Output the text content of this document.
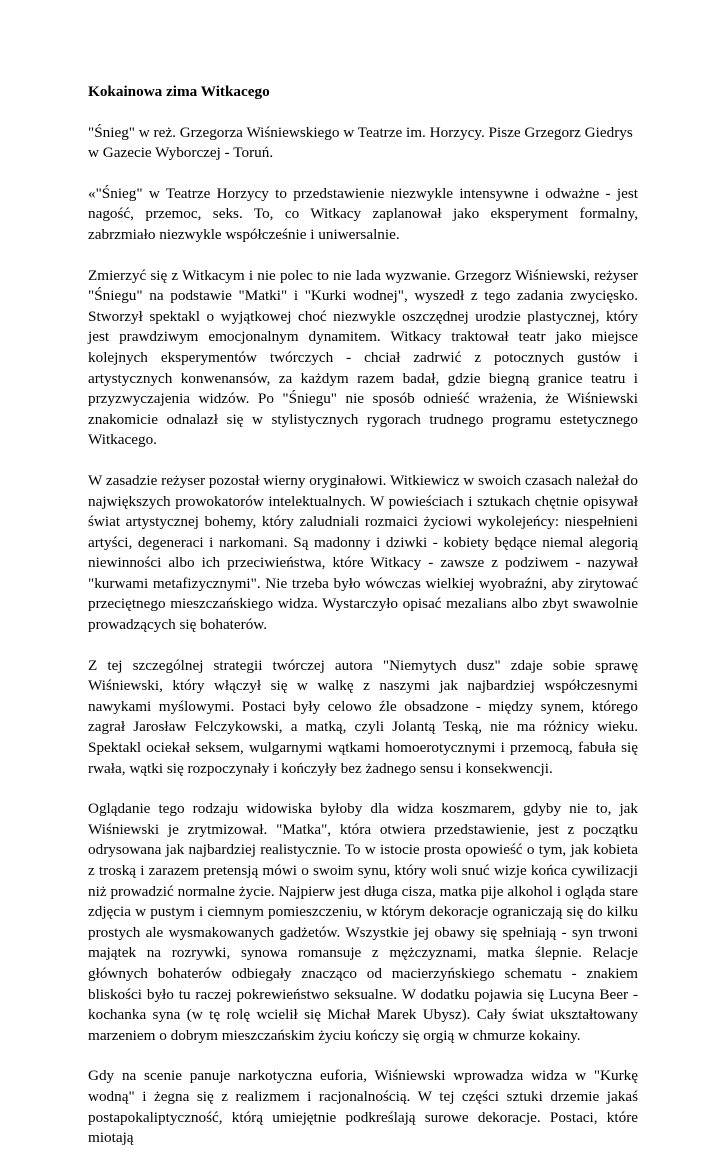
Kokainowa zima Witkacego

"Śnieg" w reż. Grzegorza Wiśniewskiego w Teatrze im. Horzycy. Pisze Grzegorz Giedrys w Gazecie Wyborczej - Toruń.

«"Śnieg" w Teatrze Horzycy to przedstawienie niezwykle intensywne i odważne - jest nagość, przemoc, seks. To, co Witkacy zaplanował jako eksperyment formalny, zabrzmiało niezwykle współcześnie i uniwersalnie.

Zmierzyć się z Witkacym i nie polec to nie lada wyzwanie. Grzegorz Wiśniewski, reżyser "Śniegu" na podstawie "Matki" i "Kurki wodnej", wyszedł z tego zadania zwycięsko. Stworzył spektakl o wyjątkowej choć niezwykle oszczędnej urodzie plastycznej, który jest prawdziwym emocjonalnym dynamitem. Witkacy traktował teatr jako miejsce kolejnych eksperymentów twórczych - chciał zadrwić z potocznych gustów i artystycznych konwenansów, za każdym razem badał, gdzie biegną granice teatru i przyzwyczajenia widzów. Po "Śniegu" nie sposób odnieść wrażenia, że Wiśniewski znakomicie odnalazł się w stylistycznych rygorach trudnego programu estetycznego Witkacego.

W zasadzie reżyser pozostał wierny oryginałowi. Witkiewicz w swoich czasach należał do największych prowokatorów intelektualnych. W powieściach i sztukach chętnie opisywał świat artystycznej bohemy, który zaludniali rozmaici życiowi wykolejeńcy: niespełnieni artyści, degeneraci i narkomani. Są madonny i dziwki - kobiety będące niemal alegorią niewinności albo ich przeciwieństwa, które Witkacy - zawsze z podziwem - nazywał "kurwami metafizycznymi". Nie trzeba było wówczas wielkiej wyobraźni, aby zirytować przeciętnego mieszczańskiego widza. Wystarczyło opisać mezalians albo zbyt swawolnie prowadzących się bohaterów.

Z tej szczególnej strategii twórczej autora "Niemytych dusz" zdaje sobie sprawę Wiśniewski, który włączył się w walkę z naszymi jak najbardziej współczesnymi nawykami myślowymi. Postaci były celowo źle obsadzone - między synem, którego zagrał Jarosław Felczykowski, a matką, czyli Jolantą Teską, nie ma różnicy wieku. Spektakl ociekał seksem, wulgarnymi wątkami homoerotycznymi i przemocą, fabuła się rwała, wątki się rozpoczynały i kończyły bez żadnego sensu i konsekwencji.

Oglądanie tego rodzaju widowiska byłoby dla widza koszmarem, gdyby nie to, jak Wiśniewski je zrytmizował. "Matka", która otwiera przedstawienie, jest z początku odrysowana jak najbardziej realistycznie. To w istocie prosta opowieść o tym, jak kobieta z troską i zarazem pretensją mówi o swoim synu, który woli snuć wizje końca cywilizacji niż prowadzić normalne życie. Najpierw jest długa cisza, matka pije alkohol i ogląda stare zdjęcia w pustym i ciemnym pomieszczeniu, w którym dekoracje ograniczają się do kilku prostych ale wysmakowanych gadżetów. Wszystkie jej obawy się spełniają - syn trwoni majątek na rozrywki, synowa romansuje z mężczyznami, matka ślepnie. Relacje głównych bohaterów odbiegały znacząco od macierzyńskiego schematu - znakiem bliskości było tu raczej pokrewieństwo seksualne. W dodatku pojawia się Lucyna Beer - kochanka syna (w tę rolę wcielił się Michał Marek Ubysz). Cały świat ukształtowany marzeniem o dobrym mieszczańskim życiu kończy się orgią w chmurze kokainy.

Gdy na scenie panuje narkotyczna euforia, Wiśniewski wprowadza widza w "Kurkę wodną" i żegna się z realizmem i racjonalnością. W tej części sztuki drzemie jakaś postapokaliptyczność, którą umiejętnie podkreślają surowe dekoracje. Postaci, które miotają
